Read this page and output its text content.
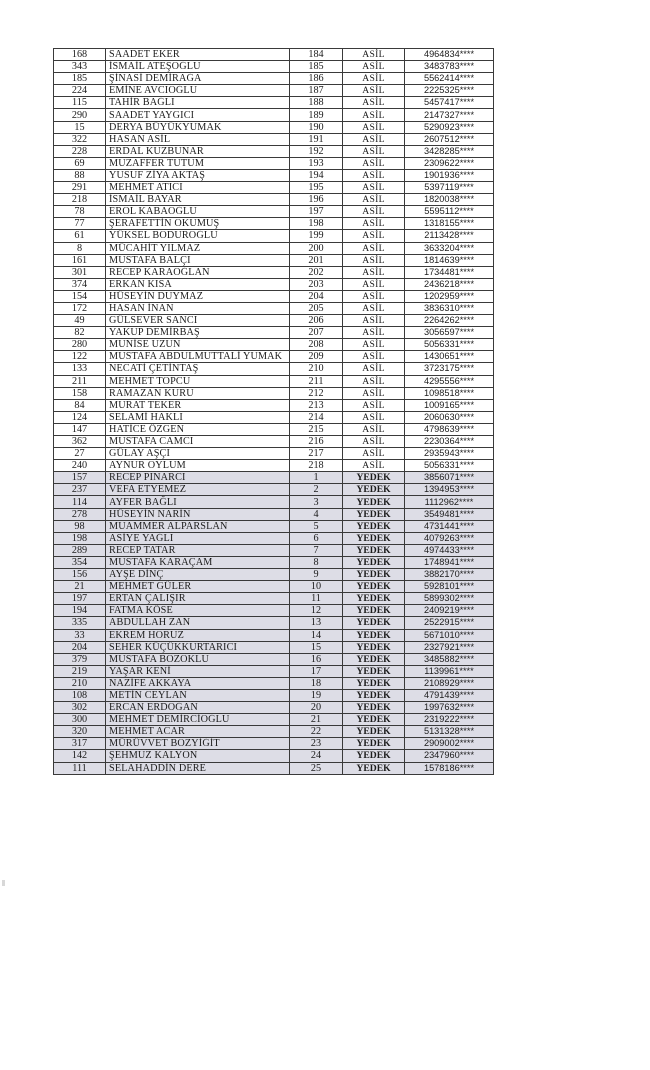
168	SAADET EKER	184	ASİL	4964834****
343	İSMAİL ATEŞOĞLU	185	ASİL	3483783****
185	ŞİNASİ DEMİRAĞA	186	ASİL	5562414****
224	EMİNE AVCIOĞLU	187	ASİL	2225325****
115	TAHİR BAĞLI	188	ASİL	5457417****
290	SAADET YAYGICI	189	ASİL	2147327****
15	DERYA BÜYÜKYUMAK	190	ASİL	5290923****
322	HASAN ASİL	191	ASİL	2607512****
228	ERDAL KUZBUNAR	192	ASİL	3428285****
69	MUZAFFER TUTUM	193	ASİL	2309622****
88	YUSUF ZİYA AKTAŞ	194	ASİL	1901936****
291	MEHMET ATICI	195	ASİL	5397119****
218	İSMAİL BAYAR	196	ASİL	1820038****
78	EROL KABAOĞLU	197	ASİL	5595112****
77	ŞERAFETTİN OKUMUŞ	198	ASİL	1318155****
61	YÜKSEL BODUROĞLU	199	ASİL	2113428****
8	MÜCAHİT YILMAZ	200	ASİL	3633204****
161	MUSTAFA BALÇI	201	ASİL	1814639****
301	RECEP KARAOĞLAN	202	ASİL	1734481****
374	ERKAN KISA	203	ASİL	2436218****
154	HÜSEYİN DUYMAZ	204	ASİL	1202959****
172	HASAN İNAN	205	ASİL	3836310****
49	GÜLSEVER SANCI	206	ASİL	2264262****
82	YAKUP DEMİRBAŞ	207	ASİL	3056597****
280	MUNİSE UZUN	208	ASİL	5056331****
122	MUSTAFA ABDULMUTTALİ YUMAK	209	ASİL	1430651****
133	NECATİ ÇETİNTAŞ	210	ASİL	3723175****
211	MEHMET TOPCU	211	ASİL	4295556****
158	RAMAZAN KURU	212	ASİL	1098518****
84	MURAT TEKER	213	ASİL	1009165****
124	SELAMİ HAKLI	214	ASİL	2060630****
147	HATİCE ÖZGEN	215	ASİL	4798639****
362	MUSTAFA CAMCI	216	ASİL	2230364****
27	GÜLAY AŞÇI	217	ASİL	2935943****
240	AYNUR OYLUM	218	ASİL	5056331****
157	RECEP PINARCI	1	YEDEK	3856071****
237	VEFA ETYEMEZ	2	YEDEK	1394953****
114	AYFER BAĞLI	3	YEDEK	1112962****
278	HÜSEYİN NARİN	4	YEDEK	3549481****
98	MUAMMER ALPARSLAN	5	YEDEK	4731441****
198	ASİYE YAĞLI	6	YEDEK	4079263****
289	RECEP TATAR	7	YEDEK	4974433****
354	MUSTAFA KARAÇAM	8	YEDEK	1748941****
156	AYŞE DİNÇ	9	YEDEK	3882170****
21	MEHMET GÜLER	10	YEDEK	5928101****
197	ERTAN ÇALIŞIR	11	YEDEK	5899302****
194	FATMA KÖSE	12	YEDEK	2409219****
335	ABDULLAH ZAN	13	YEDEK	2522915****
33	EKREM HORUZ	14	YEDEK	5671010****
204	SEHER KÜÇÜKKURTARICI	15	YEDEK	2327921****
379	MUSTAFA BOZOKLU	16	YEDEK	3485882****
219	YAŞAR KENİ	17	YEDEK	1139961****
210	NAZİFE AKKAYA	18	YEDEK	2108929****
108	METİN CEYLAN	19	YEDEK	4791439****
302	ERCAN ERDOĞAN	20	YEDEK	1997632****
300	MEHMET DEMİRCİOĞLU	21	YEDEK	2319222****
320	MEHMET ACAR	22	YEDEK	5131328****
317	MÜRÜVVET BOZYİĞİT	23	YEDEK	2909002****
142	ŞEHMUZ KALYON	24	YEDEK	2347960****
111	SELAHADDİN DERE	25	YEDEK	1578186****
